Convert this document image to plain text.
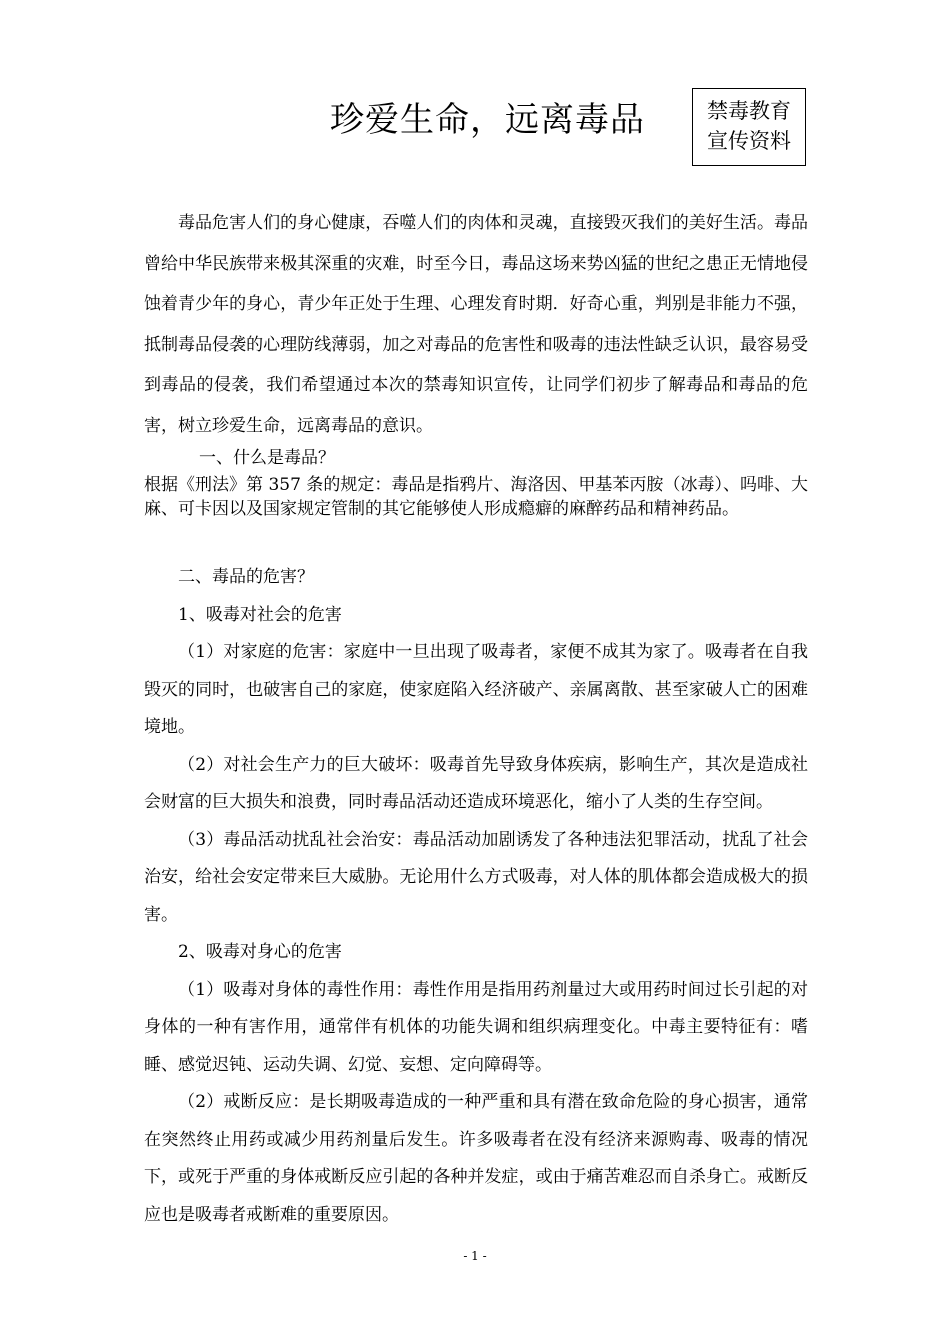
珍爱生命，远离毒品	禁毒教育
宣传资料

毒品危害人们的身心健康，吞噬人们的肉体和灵魂，直接毁灭我们的美好生活。毒品曾给中华民族带来极其深重的灾难，时至今日，毒品这场来势凶猛的世纪之患正无情地侵蚀着青少年的身心，青少年正处于生理、心理发育时期．好奇心重，判别是非能力不强，抵制毒品侵袭的心理防线薄弱，加之对毒品的危害性和吸毒的违法性缺乏认识，最容易受到毒品的侵袭，我们希望通过本次的禁毒知识宣传，让同学们初步了解毒品和毒品的危害，树立珍爱生命，远离毒品的意识。

一、什么是毒品？

根据《刑法》第 357 条的规定：毒品是指鸦片、海洛因、甲基苯丙胺（冰毒）、吗啡、大麻、可卡因以及国家规定管制的其它能够使人形成瘾癖的麻醉药品和精神药品。

二、毒品的危害？

1、吸毒对社会的危害

（1）对家庭的危害：家庭中一旦出现了吸毒者，家便不成其为家了。吸毒者在自我毁灭的同时，也破害自己的家庭，使家庭陷入经济破产、亲属离散、甚至家破人亡的困难境地。

（2）对社会生产力的巨大破坏：吸毒首先导致身体疾病，影响生产，其次是造成社会财富的巨大损失和浪费，同时毒品活动还造成环境恶化，缩小了人类的生存空间。

（3）毒品活动扰乱社会治安：毒品活动加剧诱发了各种违法犯罪活动，扰乱了社会治安，给社会安定带来巨大威胁。无论用什么方式吸毒，对人体的肌体都会造成极大的损害。

2、吸毒对身心的危害

（1）吸毒对身体的毒性作用：毒性作用是指用药剂量过大或用药时间过长引起的对身体的一种有害作用，通常伴有机体的功能失调和组织病理变化。中毒主要特征有：嗜睡、感觉迟钝、运动失调、幻觉、妄想、定向障碍等。

（2）戒断反应：是长期吸毒造成的一种严重和具有潜在致命危险的身心损害，通常在突然终止用药或减少用药剂量后发生。许多吸毒者在没有经济来源购毒、吸毒的情况下，或死于严重的身体戒断反应引起的各种并发症，或由于痛苦难忍而自杀身亡。戒断反应也是吸毒者戒断难的重要原因。

- 1 -
